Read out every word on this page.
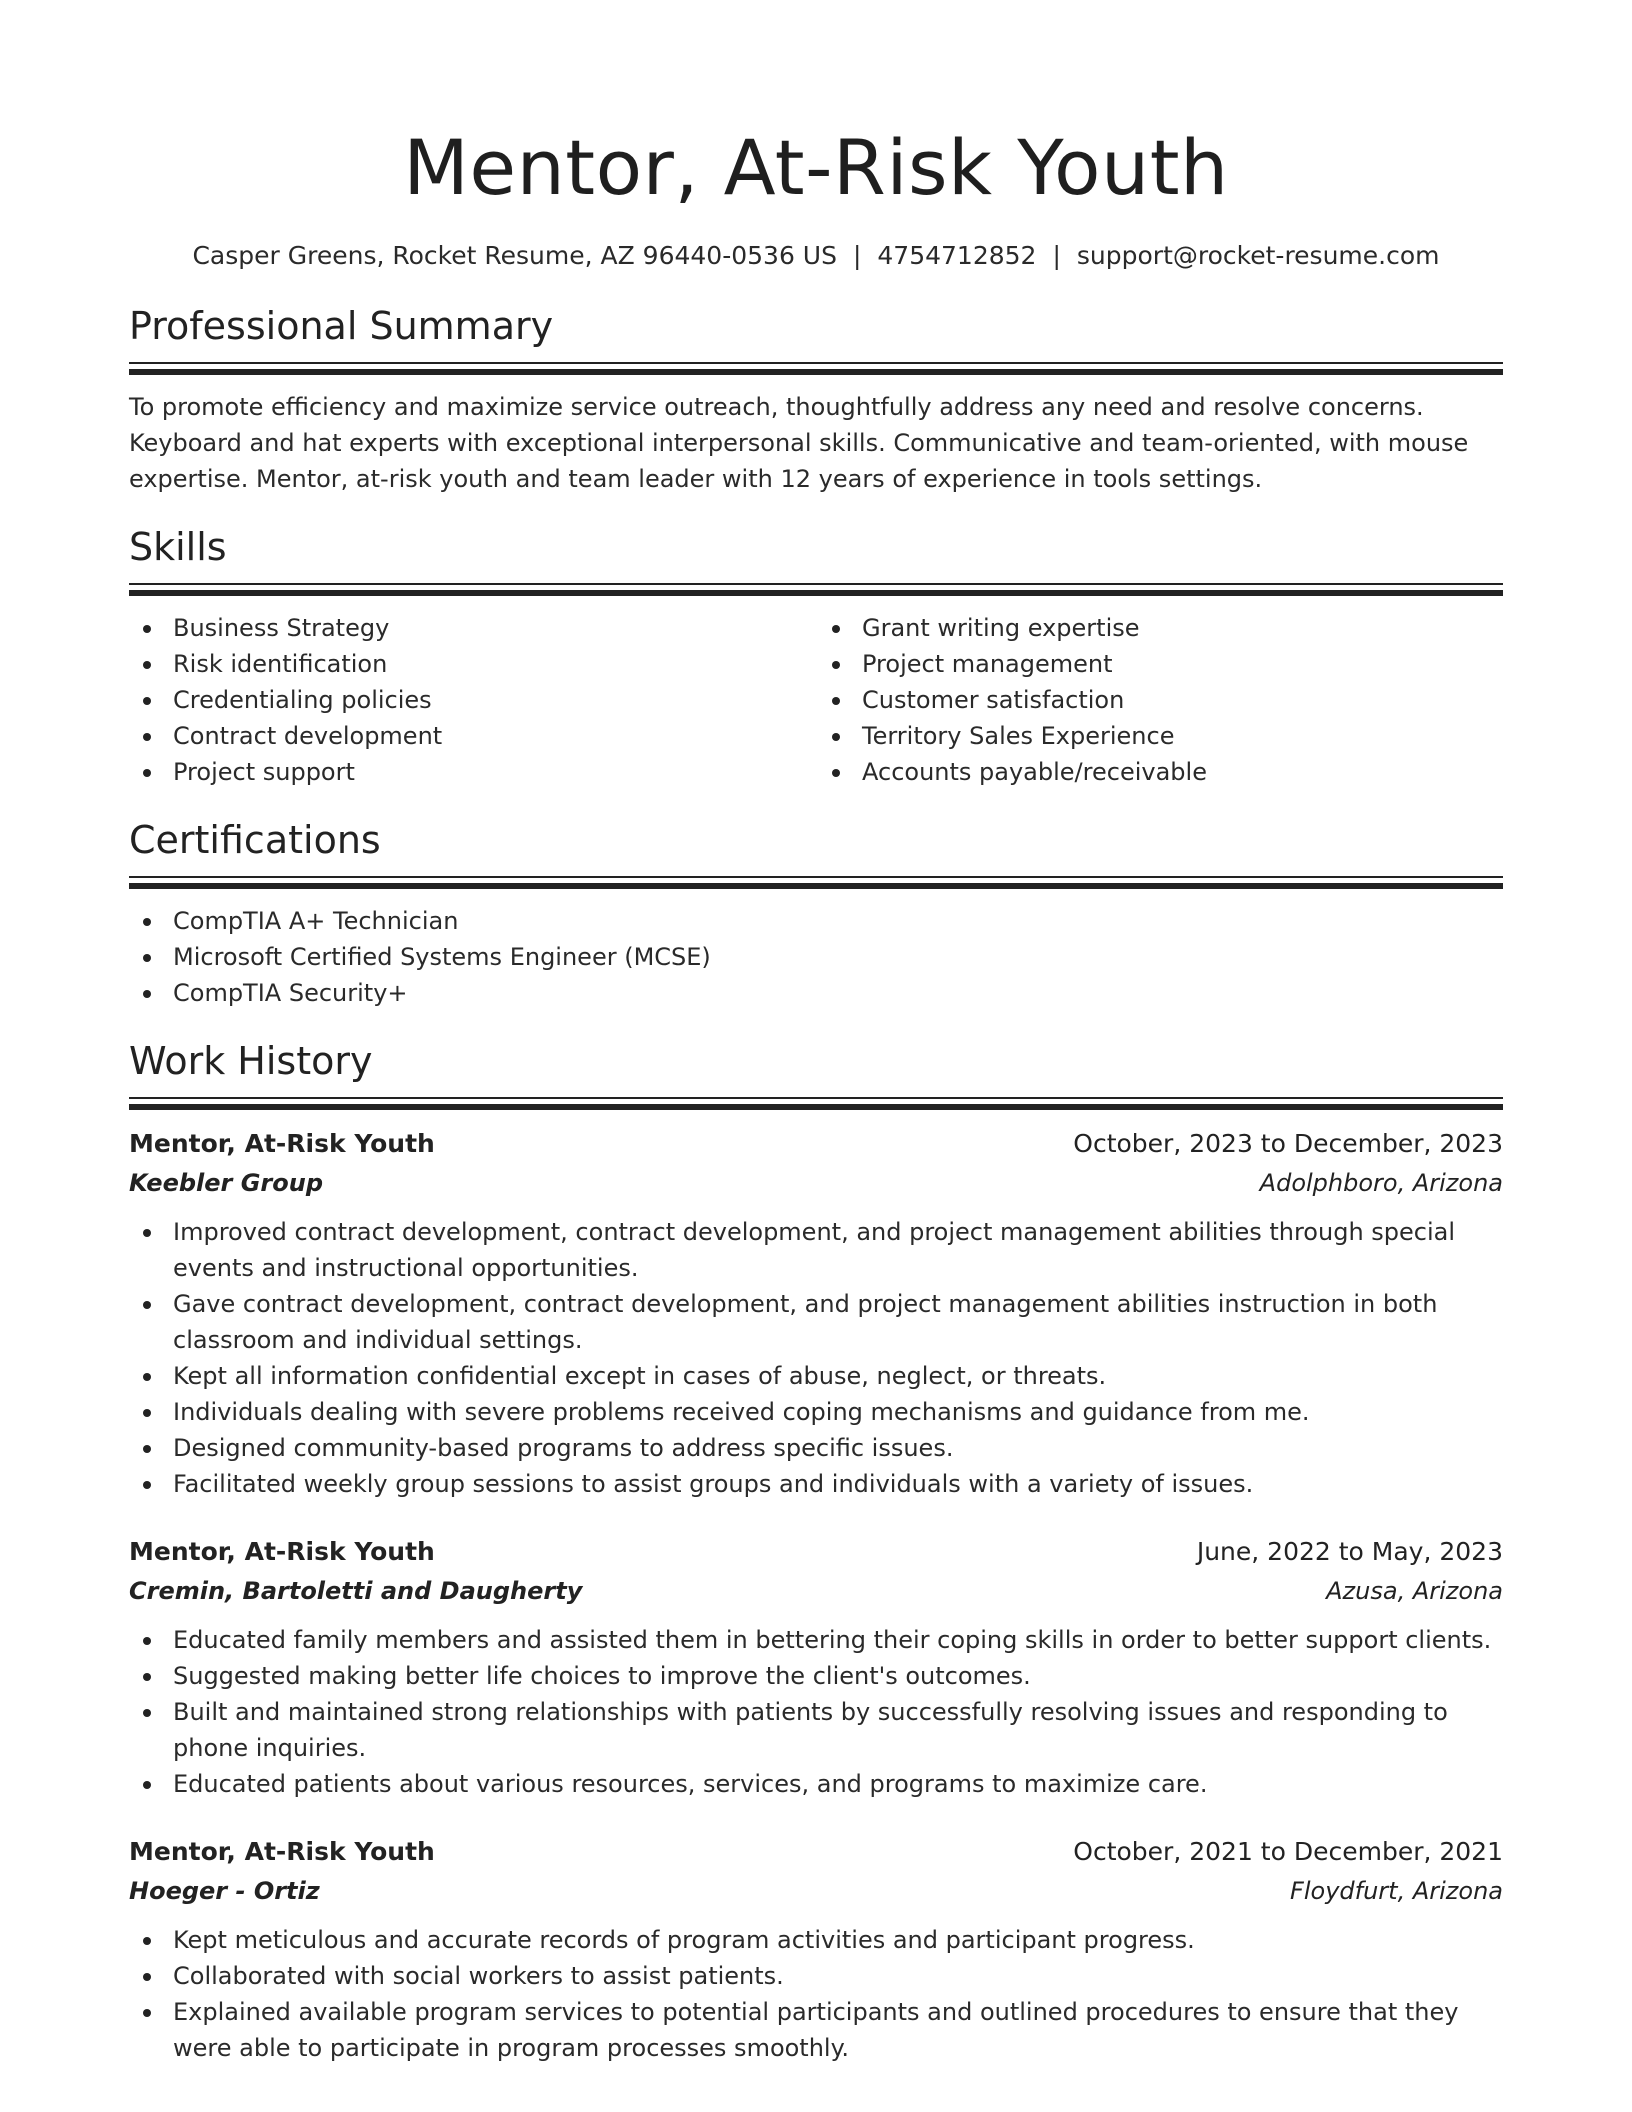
Mentor, At-Risk Youth
Casper Greens, Rocket Resume, AZ 96440-0536 US | 4754712852 | support@rocket-resume.com
Professional Summary

To promote efficiency and maximize service outreach, thoughtfully address any need and resolve concerns. Keyboard and hat experts with exceptional interpersonal skills. Communicative and team-oriented, with mouse expertise. Mentor, at-risk youth and team leader with 12 years of experience in tools settings.

Skills
Business Strategy
Risk identification
Credentialing policies
Contract development
Project support
Grant writing expertise
Project management
Customer satisfaction
Territory Sales Experience
Accounts payable/receivable
Certifications
CompTIA A+ Technician
Microsoft Certified Systems Engineer (MCSE)
CompTIA Security+
Work History
Mentor, At-Risk Youth	October, 2023 to December, 2023
Keebler Group	Adolphboro, Arizona
Improved contract development, contract development, and project management abilities through special events and instructional opportunities.
Gave contract development, contract development, and project management abilities instruction in both classroom and individual settings.
Kept all information confidential except in cases of abuse, neglect, or threats.
Individuals dealing with severe problems received coping mechanisms and guidance from me.
Designed community-based programs to address specific issues.
Facilitated weekly group sessions to assist groups and individuals with a variety of issues.
Mentor, At-Risk Youth	June, 2022 to May, 2023
Cremin, Bartoletti and Daugherty	Azusa, Arizona
Educated family members and assisted them in bettering their coping skills in order to better support clients.
Suggested making better life choices to improve the client's outcomes.
Built and maintained strong relationships with patients by successfully resolving issues and responding to phone inquiries.
Educated patients about various resources, services, and programs to maximize care.
Mentor, At-Risk Youth	October, 2021 to December, 2021
Hoeger - Ortiz	Floydfurt, Arizona
Kept meticulous and accurate records of program activities and participant progress.
Collaborated with social workers to assist patients.
Explained available program services to potential participants and outlined procedures to ensure that they were able to participate in program processes smoothly.
